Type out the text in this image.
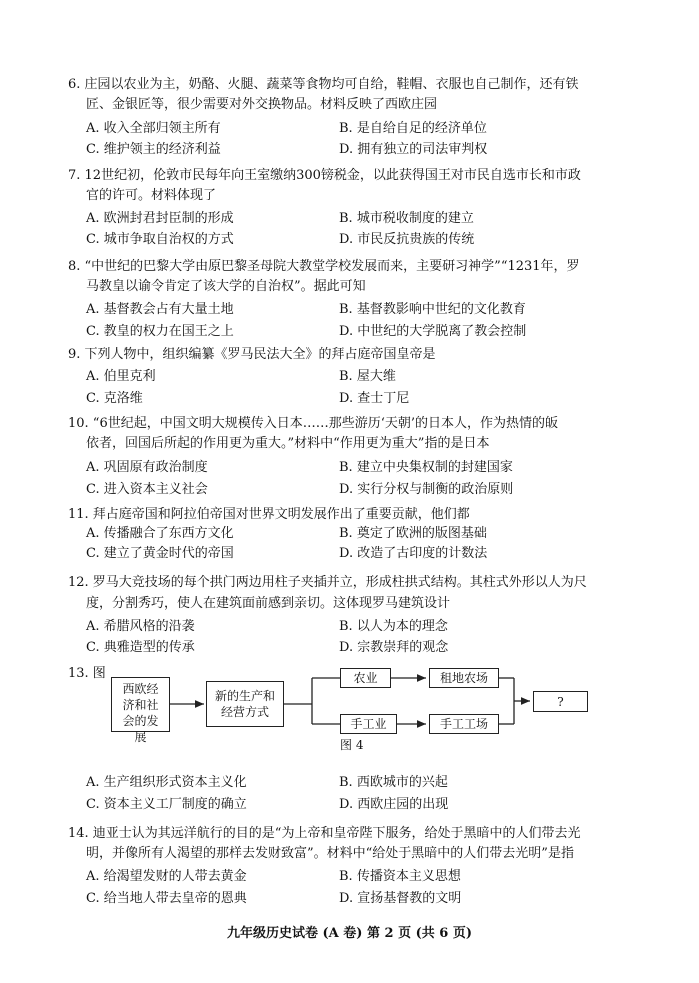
6. 庄园以农业为主，奶酪、火腿、蔬菜等食物均可自给，鞋帽、衣服也自己制作，还有铁
匠、金银匠等，很少需要对外交换物品。材料反映了西欧庄园
A. 收入全部归领主所有	B. 是自给自足的经济单位
C. 维护领主的经济利益	D. 拥有独立的司法审判权
7. 12世纪初，伦敦市民每年向王室缴纳300镑税金，以此获得国王对市民自选市长和市政
官的许可。材料体现了
A. 欧洲封君封臣制的形成	B. 城市税收制度的建立
C. 城市争取自治权的方式	D. 市民反抗贵族的传统
8. “中世纪的巴黎大学由原巴黎圣母院大教堂学校发展而来，主要研习神学”“1231年，罗
马教皇以谕令肯定了该大学的自治权”。据此可知
A. 基督教会占有大量土地	B. 基督教影响中世纪的文化教育
C. 教皇的权力在国王之上	D. 中世纪的大学脱离了教会控制
9. 下列人物中，组织编纂《罗马民法大全》的拜占庭帝国皇帝是
A. 伯里克利	B. 屋大维
C. 克洛维	D. 查士丁尼
10. “6世纪起，中国文明大规模传入日本……那些游历‘天朝’的日本人，作为热情的皈
依者，回国后所起的作用更为重大。”材料中“作用更为重大”指的是日本
A. 巩固原有政治制度	B. 建立中央集权制的封建国家
C. 进入资本主义社会	D. 实行分权与制衡的政治原则
11. 拜占庭帝国和阿拉伯帝国对世界文明发展作出了重要贡献，他们都
A. 传播融合了东西方文化	B. 奠定了欧洲的版图基础
C. 建立了黄金时代的帝国	D. 改造了古印度的计数法
12. 罗马大竞技场的每个拱门两边用柱子夹插并立，形成柱拱式结构。其柱式外形以人为尺
度，分割秀巧，使人在建筑面前感到亲切。这体现罗马建筑设计
A. 希腊风格的沿袭	B. 以人为本的理念
C. 典雅造型的传承	D. 宗教崇拜的观念
13. 图
西欧经济和社会的发展
新的生产和经营方式
农业	租地农场
手工业	手工工场
?
图 4
A. 生产组织形式资本主义化	B. 西欧城市的兴起
C. 资本主义工厂制度的确立	D. 西欧庄园的出现
14. 迪亚士认为其远洋航行的目的是“为上帝和皇帝陛下服务，给处于黑暗中的人们带去光
明，并像所有人渴望的那样去发财致富”。材料中“给处于黑暗中的人们带去光明”是指
A. 给渴望发财的人带去黄金	B. 传播资本主义思想
C. 给当地人带去皇帝的恩典	D. 宣扬基督教的文明
九年级历史试卷 (A 卷) 第 2 页 (共 6 页)
